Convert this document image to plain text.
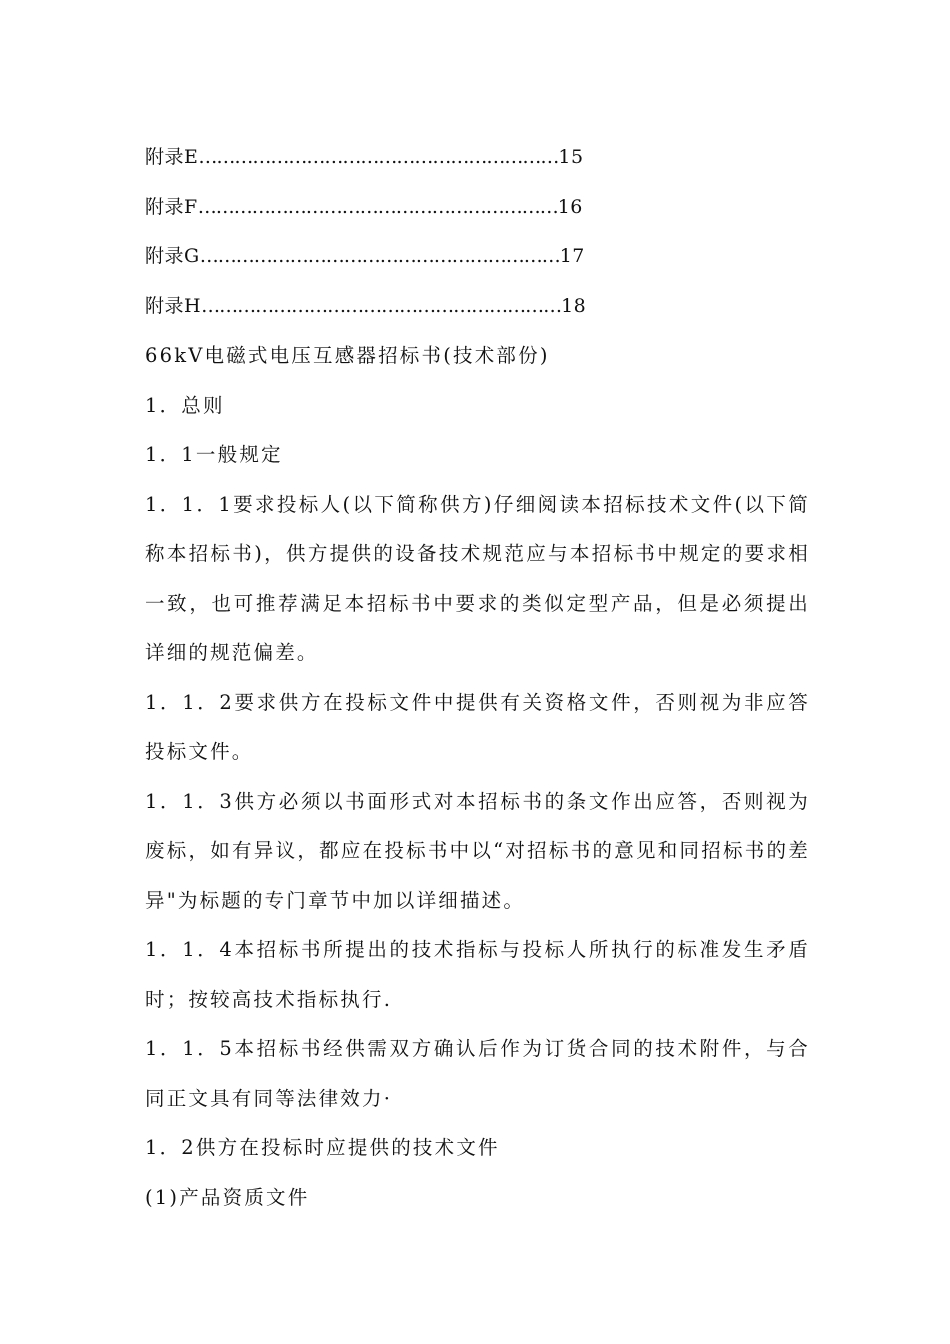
附录E……………………………………………………15
附录F……………………………………………………16
附录G……………………………………………………17
附录H……………………………………………………18
66kV电磁式电压互感器招标书(技术部份)
1．总则
1．1一般规定

1．1．1要求投标人(以下简称供方)仔细阅读本招标技术文件(以下简称本招标书)，供方提供的设备技术规范应与本招标书中规定的要求相一致，也可推荐满足本招标书中要求的类似定型产品，但是必须提出详细的规范偏差。

1．1．2要求供方在投标文件中提供有关资格文件，否则视为非应答投标文件。

1．1．3供方必须以书面形式对本招标书的条文作出应答，否则视为废标，如有异议，都应在投标书中以“对招标书的意见和同招标书的差异"为标题的专门章节中加以详细描述。

1．1．4本招标书所提出的技术指标与投标人所执行的标准发生矛盾时；按较高技术指标执行.

1．1．5本招标书经供需双方确认后作为订货合同的技术附件，与合同正文具有同等法律效力·

1．2供方在投标时应提供的技术文件
(1)产品资质文件
